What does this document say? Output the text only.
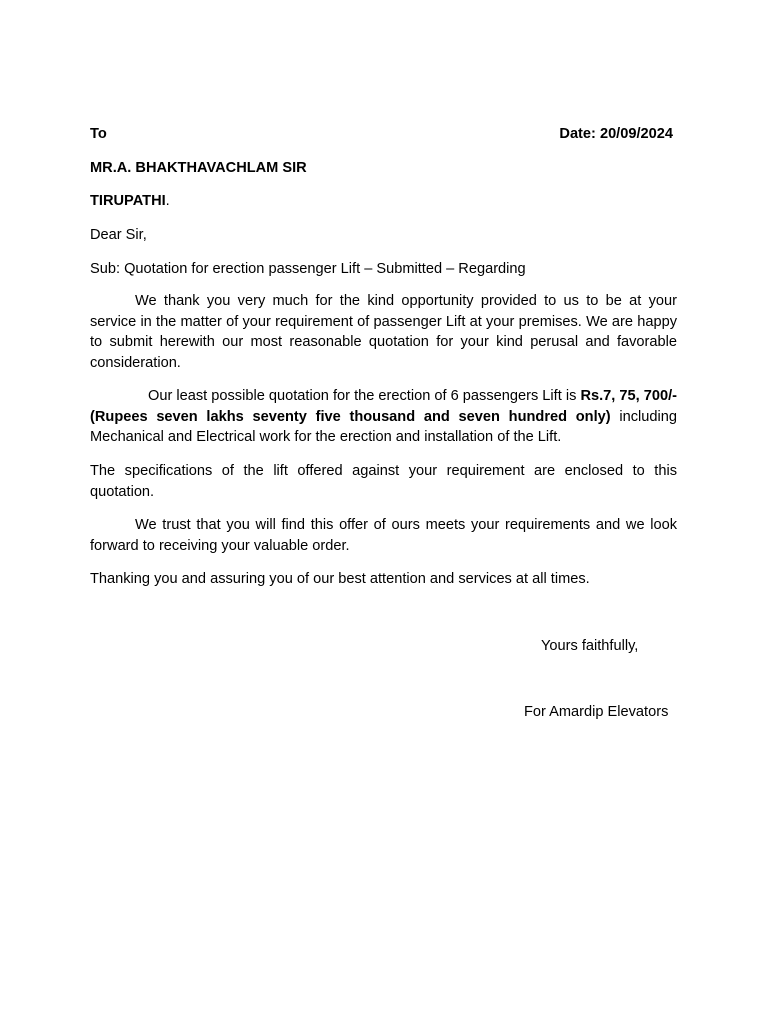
To	Date: 20/09/2024
MR.A. BHAKTHAVACHLAM SIR
TIRUPATHI.
Dear Sir,
Sub: Quotation for erection passenger Lift – Submitted – Regarding
We thank you very much for the kind opportunity provided to us to be at your service in the matter of your requirement of passenger Lift at your premises. We are happy to submit herewith our most reasonable quotation for your kind perusal and favorable consideration.
Our least possible quotation for the erection of 6 passengers Lift is Rs.7, 75, 700/- (Rupees seven lakhs seventy five thousand and seven hundred only) including Mechanical and Electrical work for the erection and installation of the Lift.
The specifications of the lift offered against your requirement are enclosed to this quotation.
We trust that you will find this offer of ours meets your requirements and we look forward to receiving your valuable order.
Thanking you and assuring you of our best attention and services at all times.
Yours faithfully,
For Amardip Elevators
